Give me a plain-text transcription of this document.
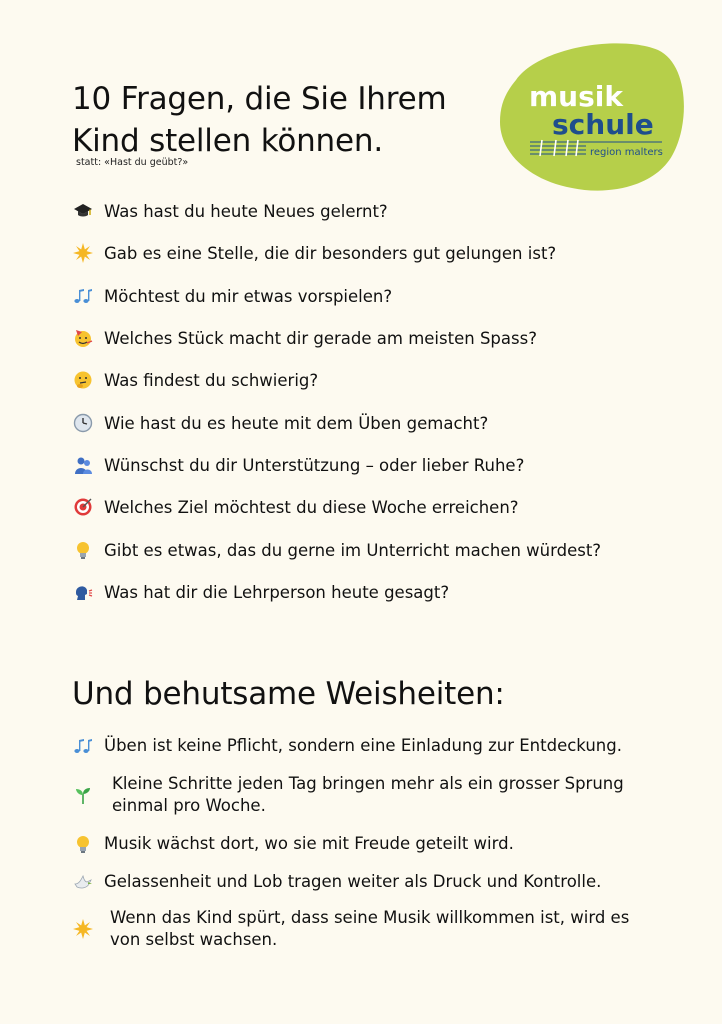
10 Fragen, die Sie Ihrem
Kind stellen können.
statt: «Hast du geübt?»
musik
schule
region malters
Was hast du heute Neues gelernt?
Gab es eine Stelle, die dir besonders gut gelungen ist?
Möchtest du mir etwas vorspielen?
Welches Stück macht dir gerade am meisten Spass?
Was findest du schwierig?
Wie hast du es heute mit dem Üben gemacht?
Wünschst du dir Unterstützung – oder lieber Ruhe?
Welches Ziel möchtest du diese Woche erreichen?
Gibt es etwas, das du gerne im Unterricht machen würdest?
Was hat dir die Lehrperson heute gesagt?
Und behutsame Weisheiten:
Üben ist keine Pflicht, sondern eine Einladung zur Entdeckung.
Kleine Schritte jeden Tag bringen mehr als ein grosser Sprung
einmal pro Woche.
Musik wächst dort, wo sie mit Freude geteilt wird.
Gelassenheit und Lob tragen weiter als Druck und Kontrolle.
Wenn das Kind spürt, dass seine Musik willkommen ist, wird es
von selbst wachsen.
